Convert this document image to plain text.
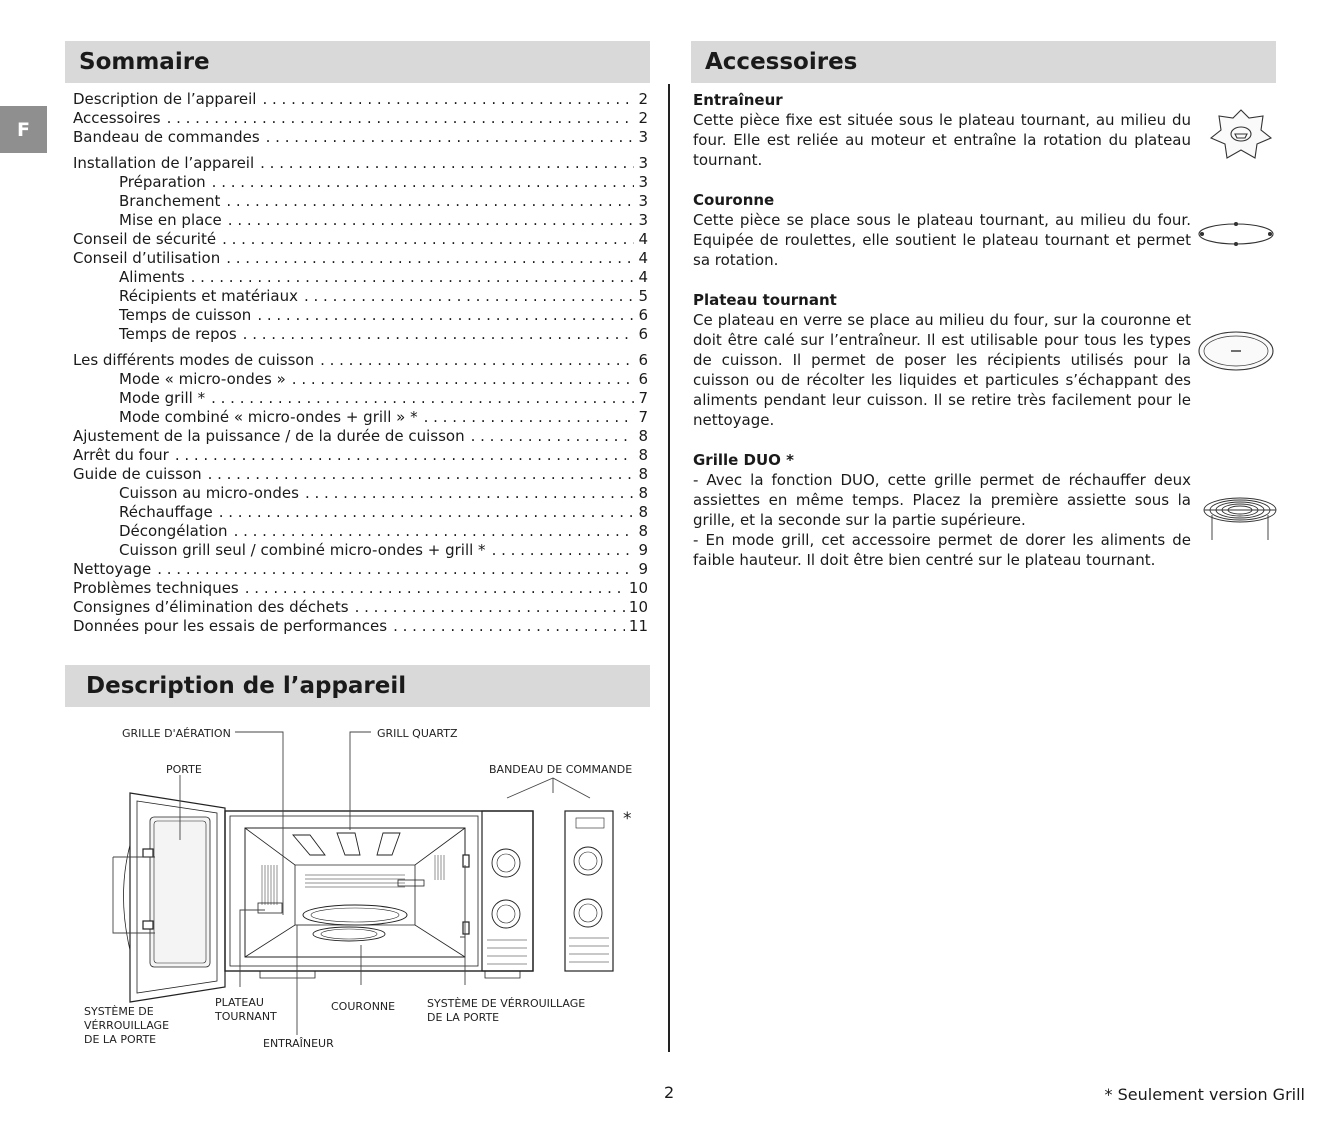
F
Sommaire
Description de l’appareil . . .	2
Accessoires . . .	2
Bandeau de commandes . . .	3
Installation de l’appareil . . .	3
Préparation . . .	3
Branchement . . .	3
Mise en place . . .	3
Conseil de sécurité . . .	4
Conseil d’utilisation . . .	4
Aliments . . .	4
Récipients et matériaux . . .	5
Temps de cuisson . . .	6
Temps de repos . . .	6
Les différents modes de cuisson . . .	6
Mode « micro-ondes » . . .	6
Mode grill * . . .	7
Mode combiné « micro-ondes + grill » * . . .	7
Ajustement de la puissance / de la durée de cuisson . . .	8
Arrêt du four . . .	8
Guide de cuisson . . .	8
Cuisson au micro-ondes . . .	8
Réchauffage . . .	8
Décongélation . . .	8
Cuisson grill seul / combiné micro-ondes + grill * . . .	9
Nettoyage . . .	9
Problèmes techniques . . .	10
Consignes d’élimination des déchets . . .	10
Données pour les essais de performances . . .	11
Description de l’appareil
GRILLE D'AÉRATION	GRILL QUARTZ
PORTE	BANDEAU DE COMMANDE
*
SYSTÈME DE
VÉRROUILLAGE
DE LA PORTE
PLATEAU
TOURNANT
COURONNE	SYSTÈME DE VÉRROUILLAGE
DE LA PORTE
ENTRAÎNEUR
Accessoires
Entraîneur

Cette pièce fixe est située sous le plateau tournant, au milieu du four. Elle est reliée au moteur et entraîne la rotation du plateau tournant.

Couronne

Cette pièce se place sous le plateau tournant, au milieu du four. Equipée de roulettes, elle soutient le plateau tournant et permet sa rotation.

Plateau tournant

Ce plateau en verre se place au milieu du four, sur la couronne et doit être calé sur l’entraîneur. Il est utilisable pour tous les types de cuisson. Il permet de poser les récipients utilisés pour la cuisson ou de récolter les liquides et particules s’échappant des aliments pendant leur cuisson. Il se retire très facilement pour le nettoyage.

Grille DUO *

- Avec la fonction DUO, cette grille permet de réchauffer deux assiettes en même temps. Placez la première assiette sous la grille, et la seconde sur la partie supérieure.

- En mode grill, cet accessoire permet de dorer les aliments de faible hauteur. Il doit être bien centré sur le plateau tournant.

2	* Seulement version Grill
